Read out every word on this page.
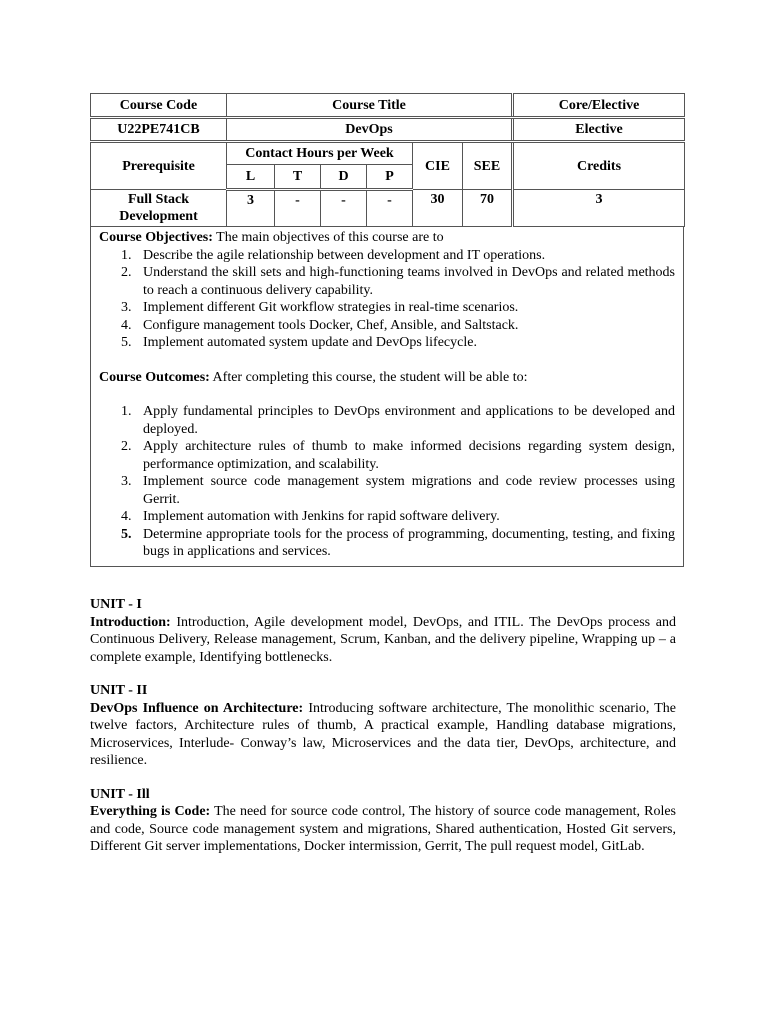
Course Code	Course Title						Core/Elective
U22PE741CB	DevOps						Elective
Prerequisite	Contact Hours per Week				CIE	SEE	Credits
	L	T	D	P			
Full Stack Development	3	-	-	-	30	70	3

Course Objectives: The main objectives of this course are to

1. Describe the agile relationship between development and IT operations.
2. Understand the skill sets and high-functioning teams involved in DevOps and related methods to reach a continuous delivery capability.
3. Implement different Git workflow strategies in real-time scenarios.
4. Configure management tools Docker, Chef, Ansible, and Saltstack.
5. Implement automated system update and DevOps lifecycle.

Course Outcomes: After completing this course, the student will be able to:

1. Apply fundamental principles to DevOps environment and applications to be developed and deployed.
2. Apply architecture rules of thumb to make informed decisions regarding system design, performance optimization, and scalability.
3. Implement source code management system migrations and code review processes using Gerrit.
4. Implement automation with Jenkins for rapid software delivery.
5. Determine appropriate tools for the process of programming, documenting, testing, and fixing bugs in applications and services.
UNIT - I

Introduction: Introduction, Agile development model, DevOps, and ITIL. The DevOps process and Continuous Delivery, Release management, Scrum, Kanban, and the delivery pipeline, Wrapping up – a complete example, Identifying bottlenecks.

UNIT - II

DevOps Influence on Architecture: Introducing software architecture, The monolithic scenario, The twelve factors, Architecture rules of thumb, A practical example, Handling database migrations, Microservices, Interlude- Conway’s law, Microservices and the data tier, DevOps, architecture, and resilience.

UNIT - Ill

Everything is Code: The need for source code control, The history of source code management, Roles and code, Source code management system and migrations, Shared authentication, Hosted Git servers, Different Git server implementations, Docker intermission, Gerrit, The pull request model, GitLab.
